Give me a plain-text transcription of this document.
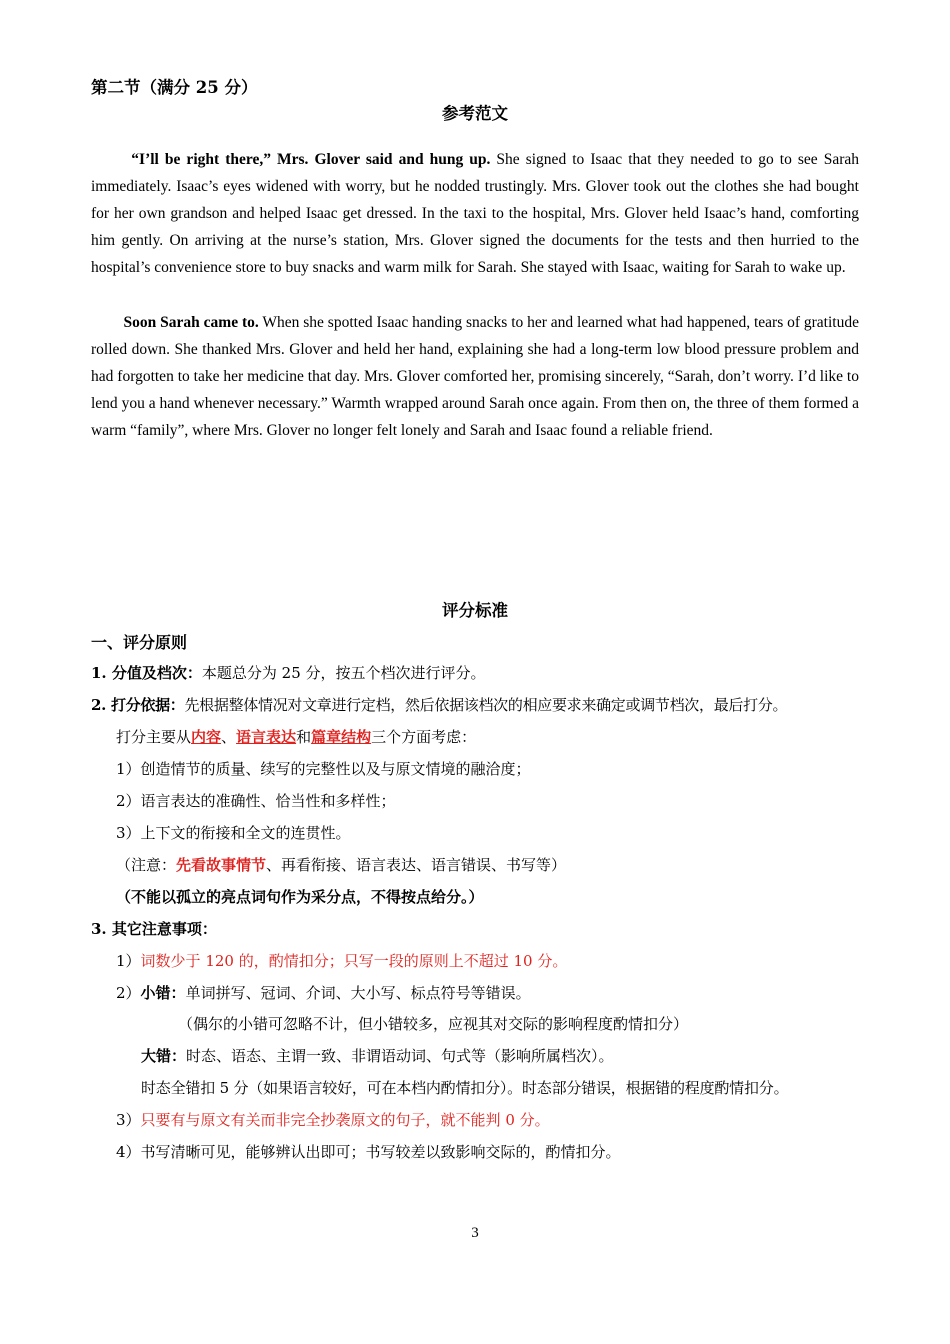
第二节（满分 25 分）
参考范文
“I’ll be right there,” Mrs. Glover said and hung up. She signed to Isaac that they needed to go to see Sarah immediately. Isaac’s eyes widened with worry, but he nodded trustingly. Mrs. Glover took out the clothes she had bought for her own grandson and helped Isaac get dressed. In the taxi to the hospital, Mrs. Glover held Isaac’s hand, comforting him gently. On arriving at the nurse’s station, Mrs. Glover signed the documents for the tests and then hurried to the hospital’s convenience store to buy snacks and warm milk for Sarah. She stayed with Isaac, waiting for Sarah to wake up.
Soon Sarah came to. When she spotted Isaac handing snacks to her and learned what had happened, tears of gratitude rolled down. She thanked Mrs. Glover and held her hand, explaining she had a long-term low blood pressure problem and had forgotten to take her medicine that day. Mrs. Glover comforted her, promising sincerely, “Sarah, don’t worry. I’d like to lend you a hand whenever necessary.” Warmth wrapped around Sarah once again. From then on, the three of them formed a warm “family”, where Mrs. Glover no longer felt lonely and Sarah and Isaac found a reliable friend.
评分标准
一、评分原则
1. 分值及档次：本题总分为 25 分，按五个档次进行评分。
2. 打分依据：先根据整体情况对文章进行定档，然后依据该档次的相应要求来确定或调节档次，最后打分。
打分主要从内容、语言表达和篇章结构三个方面考虑：
1）创造情节的质量、续写的完整性以及与原文情境的融洽度；
2）语言表达的准确性、恰当性和多样性；
3）上下文的衔接和全文的连贯性。
（注意：先看故事情节、再看衔接、语言表达、语言错误、书写等）
（不能以孤立的亮点词句作为采分点，不得按点给分。）
3. 其它注意事项：
1）词数少于 120 的，酌情扣分；只写一段的原则上不超过 10 分。
2）小错：单词拼写、冠词、介词、大小写、标点符号等错误。
（偶尔的小错可忽略不计，但小错较多，应视其对交际的影响程度酌情扣分）
大错：时态、语态、主谓一致、非谓语动词、句式等（影响所属档次）。
时态全错扣 5 分（如果语言较好，可在本档内酌情扣分）。时态部分错误，根据错的程度酌情扣分。
3）只要有与原文有关而非完全抄袭原文的句子，就不能判 0 分。
4）书写清晰可见，能够辨认出即可；书写较差以致影响交际的，酌情扣分。
3
